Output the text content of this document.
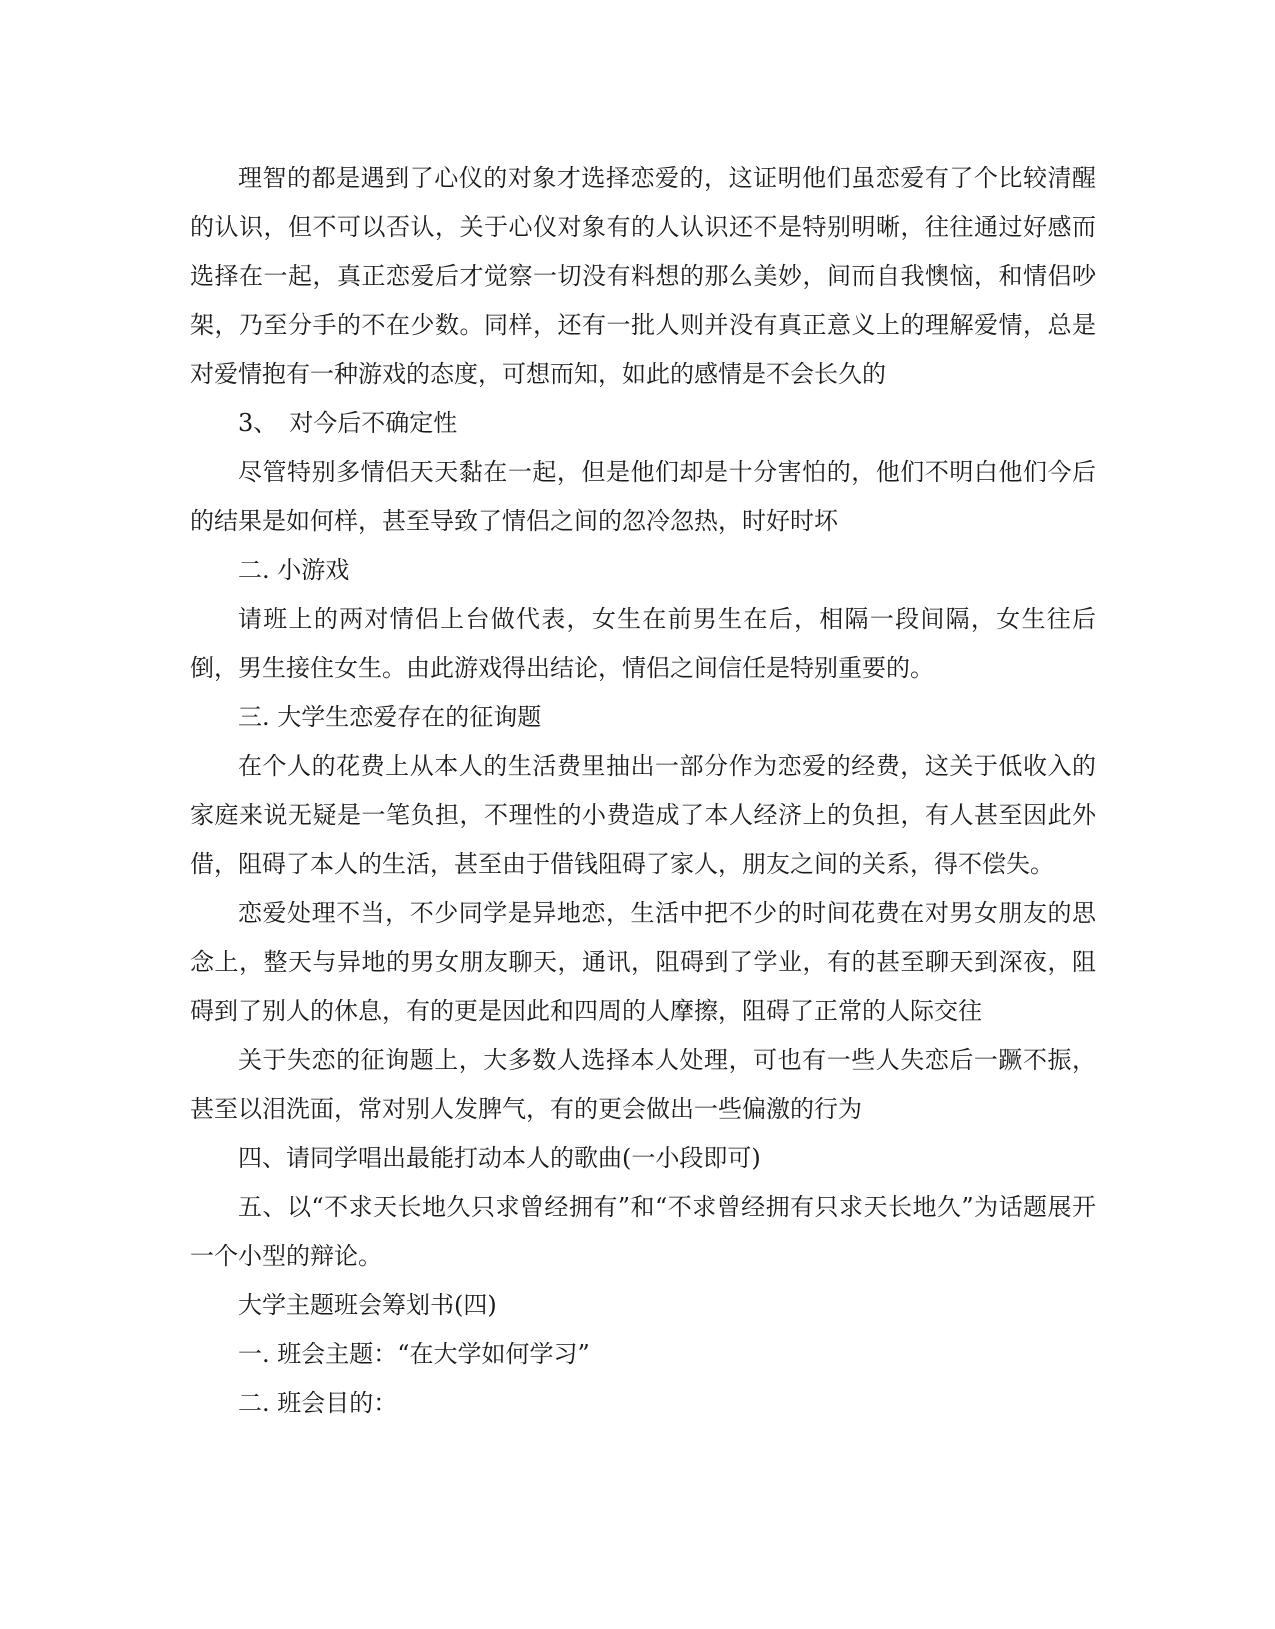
理智的都是遇到了心仪的对象才选择恋爱的，这证明他们虽恋爱有了个比较清醒的认识，但不可以否认，关于心仪对象有的人认识还不是特别明晰，往往通过好感而选择在一起，真正恋爱后才觉察一切没有料想的那么美妙，间而自我懊恼，和情侣吵架，乃至分手的不在少数。同样，还有一批人则并没有真正意义上的理解爱情，总是对爱情抱有一种游戏的态度，可想而知，如此的感情是不会长久的

3、　对今后不确定性

尽管特别多情侣天天黏在一起，但是他们却是十分害怕的，他们不明白他们今后的结果是如何样，甚至导致了情侣之间的忽冷忽热，时好时坏

二. 小游戏

请班上的两对情侣上台做代表，女生在前男生在后，相隔一段间隔，女生往后倒，男生接住女生。由此游戏得出结论，情侣之间信任是特别重要的。

三. 大学生恋爱存在的征询题

在个人的花费上从本人的生活费里抽出一部分作为恋爱的经费，这关于低收入的家庭来说无疑是一笔负担，不理性的小费造成了本人经济上的负担，有人甚至因此外借，阻碍了本人的生活，甚至由于借钱阻碍了家人，朋友之间的关系，得不偿失。

恋爱处理不当，不少同学是异地恋，生活中把不少的时间花费在对男女朋友的思念上，整天与异地的男女朋友聊天，通讯，阻碍到了学业，有的甚至聊天到深夜，阻碍到了别人的休息，有的更是因此和四周的人摩擦，阻碍了正常的人际交往

关于失恋的征询题上，大多数人选择本人处理，可也有一些人失恋后一蹶不振，甚至以泪洗面，常对别人发脾气，有的更会做出一些偏激的行为

四、请同学唱出最能打动本人的歌曲(一小段即可)

五、以“不求天长地久只求曾经拥有”和“不求曾经拥有只求天长地久”为话题展开一个小型的辩论。

大学主题班会筹划书(四)

一. 班会主题：“在大学如何学习”

二. 班会目的：
